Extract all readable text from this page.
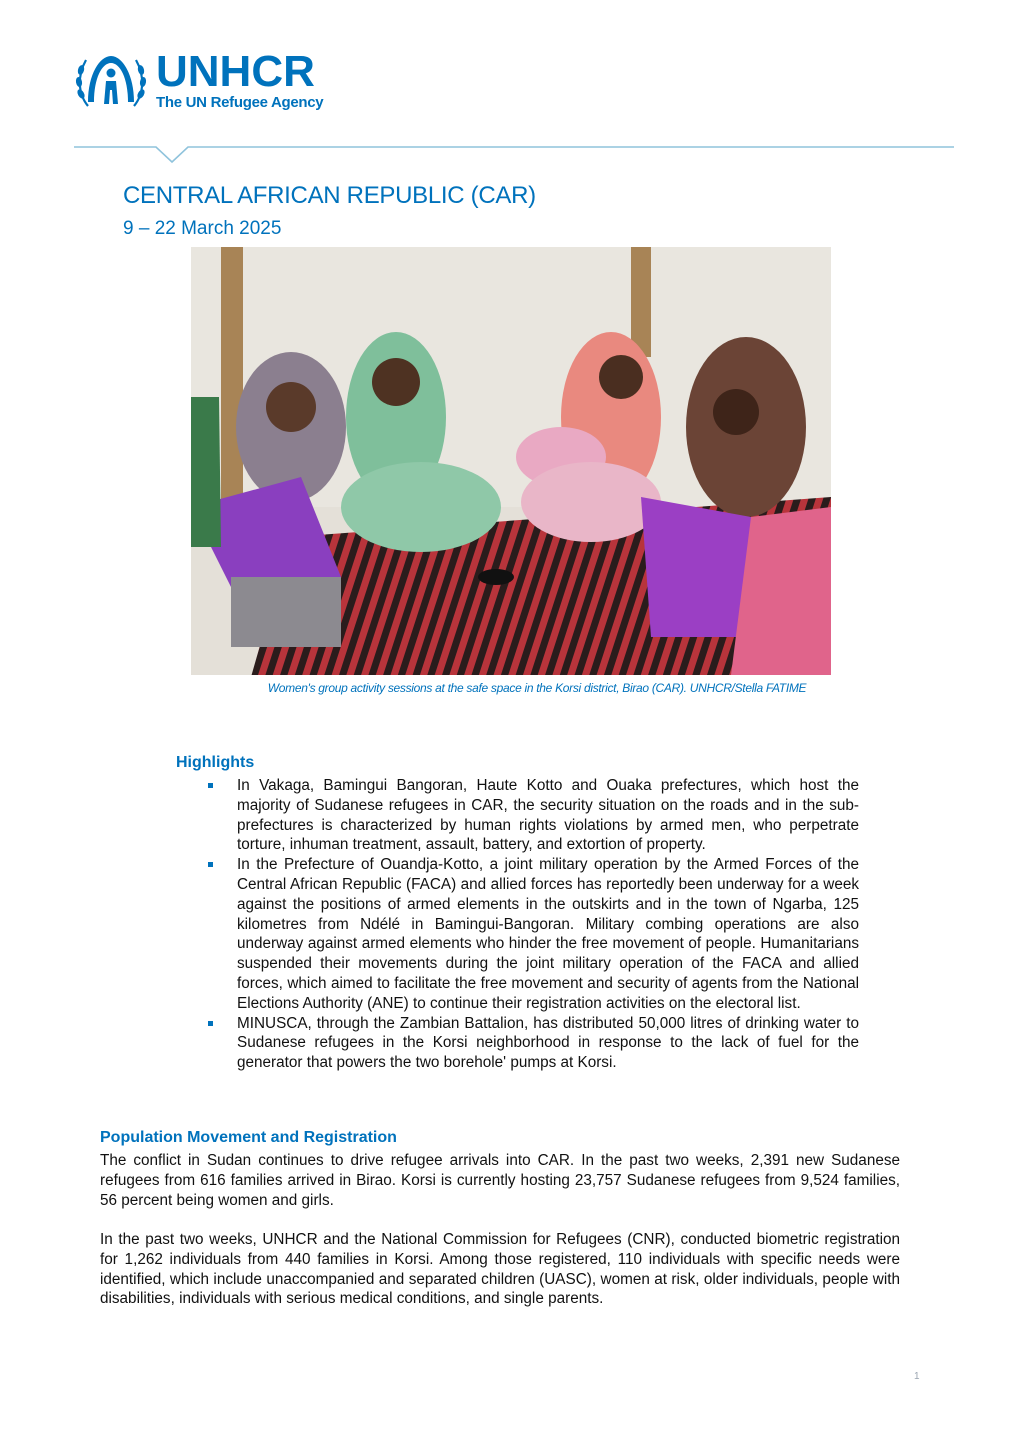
UNHCR
The UN Refugee Agency
CENTRAL AFRICAN REPUBLIC (CAR)
9 – 22 March 2025
Women's group activity sessions at the safe space in the Korsi district, Birao (CAR). UNHCR/Stella FATIME
Highlights
In Vakaga, Bamingui Bangoran, Haute Kotto and Ouaka prefectures, which host the majority of Sudanese refugees in CAR, the security situation on the roads and in the sub-prefectures is characterized by human rights violations by armed men, who perpetrate torture, inhuman treatment, assault, battery, and extortion of property.
In the Prefecture of Ouandja-Kotto, a joint military operation by the Armed Forces of the Central African Republic (FACA) and allied forces has reportedly been underway for a week against the positions of armed elements in the outskirts and in the town of Ngarba, 125 kilometres from Ndélé in Bamingui-Bangoran. Military combing operations are also underway against armed elements who hinder the free movement of people. Humanitarians suspended their movements during the joint military operation of the FACA and allied forces, which aimed to facilitate the free movement and security of agents from the National Elections Authority (ANE) to continue their registration activities on the electoral list.
MINUSCA, through the Zambian Battalion, has distributed 50,000 litres of drinking water to Sudanese refugees in the Korsi neighborhood in response to the lack of fuel for the generator that powers the two borehole' pumps at Korsi.
Population Movement and Registration

The conflict in Sudan continues to drive refugee arrivals into CAR. In the past two weeks, 2,391 new Sudanese refugees from 616 families arrived in Birao. Korsi is currently hosting 23,757 Sudanese refugees from 9,524 families, 56 percent being women and girls.

In the past two weeks, UNHCR and the National Commission for Refugees (CNR), conducted biometric registration for 1,262 individuals from 440 families in Korsi. Among those registered, 110 individuals with specific needs were identified, which include unaccompanied and separated children (UASC), women at risk, older individuals, people with disabilities, individuals with serious medical conditions, and single parents.

1
